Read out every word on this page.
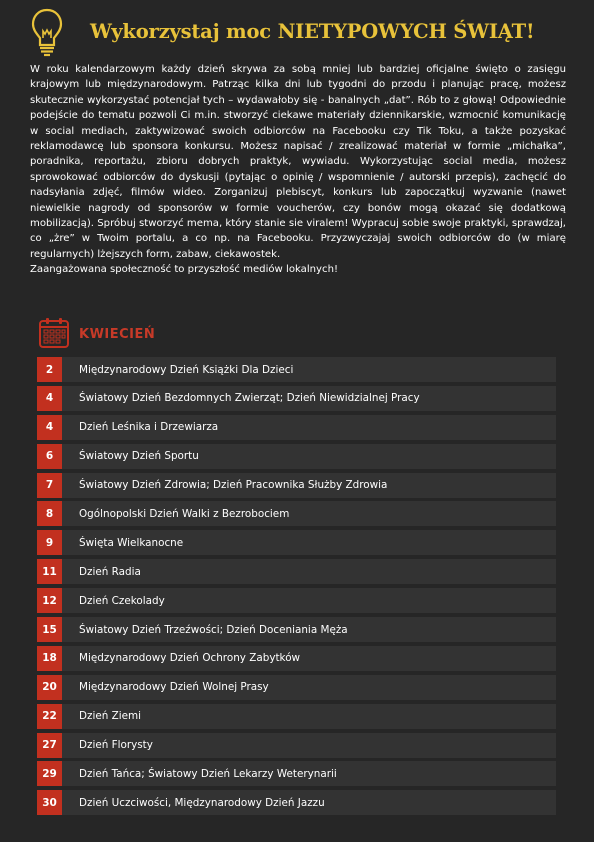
Wykorzystaj moc NIETYPOWYCH ŚWIĄT!

W roku kalendarzowym każdy dzień skrywa za sobą mniej lub bardziej oficjalne święto o zasięgu krajowym lub międzynarodowym. Patrząc kilka dni lub tygodni do przodu i planując pracę, możesz skutecznie wykorzystać potencjał tych – wydawałoby się - banalnych „dat”. Rób to z głową! Odpowiednie podejście do tematu pozwoli Ci m.in. stworzyć ciekawe materiały dziennikarskie, wzmocnić komunikację w social mediach, zaktywizować swoich odbiorców na Facebooku czy Tik Toku, a także pozyskać reklamodawcę lub sponsora konkursu. Możesz napisać / zrealizować materiał w formie „michałka”, poradnika, reportażu, zbioru dobrych praktyk, wywiadu. Wykorzystując social media, możesz sprowokować odbiorców do dyskusji (pytając o opinię / wspomnienie / autorski przepis), zachęcić do nadsyłania zdjęć, filmów wideo. Zorganizuj plebiscyt, konkurs lub zapoczątkuj wyzwanie (nawet niewielkie nagrody od sponsorów w formie voucherów, czy bonów mogą okazać się dodatkową mobilizacją). Spróbuj stworzyć mema, który stanie sie viralem! Wypracuj sobie swoje praktyki, sprawdzaj, co „żre” w Twoim portalu, a co np. na Facebooku. Przyzwyczajaj swoich odbiorców do (w miarę regularnych) lżejszych form, zabaw, ciekawostek.

Zaangażowana społeczność to przyszłość mediów lokalnych!

KWIECIEŃ
2	Międzynarodowy Dzień Książki Dla Dzieci
4	Światowy Dzień Bezdomnych Zwierząt; Dzień Niewidzialnej Pracy
4	Dzień Leśnika i Drzewiarza
6	Światowy Dzień Sportu
7	Światowy Dzień Zdrowia; Dzień Pracownika Służby Zdrowia
8	Ogólnopolski Dzień Walki z Bezrobociem
9	Święta Wielkanocne
11	Dzień Radia
12	Dzień Czekolady
15	Światowy Dzień Trzeźwości; Dzień Doceniania Męża
18	Międzynarodowy Dzień Ochrony Zabytków
20	Międzynarodowy Dzień Wolnej Prasy
22	Dzień Ziemi
27	Dzień Florysty
29	Dzień Tańca; Światowy Dzień Lekarzy Weterynarii
30	Dzień Uczciwości, Międzynarodowy Dzień Jazzu
